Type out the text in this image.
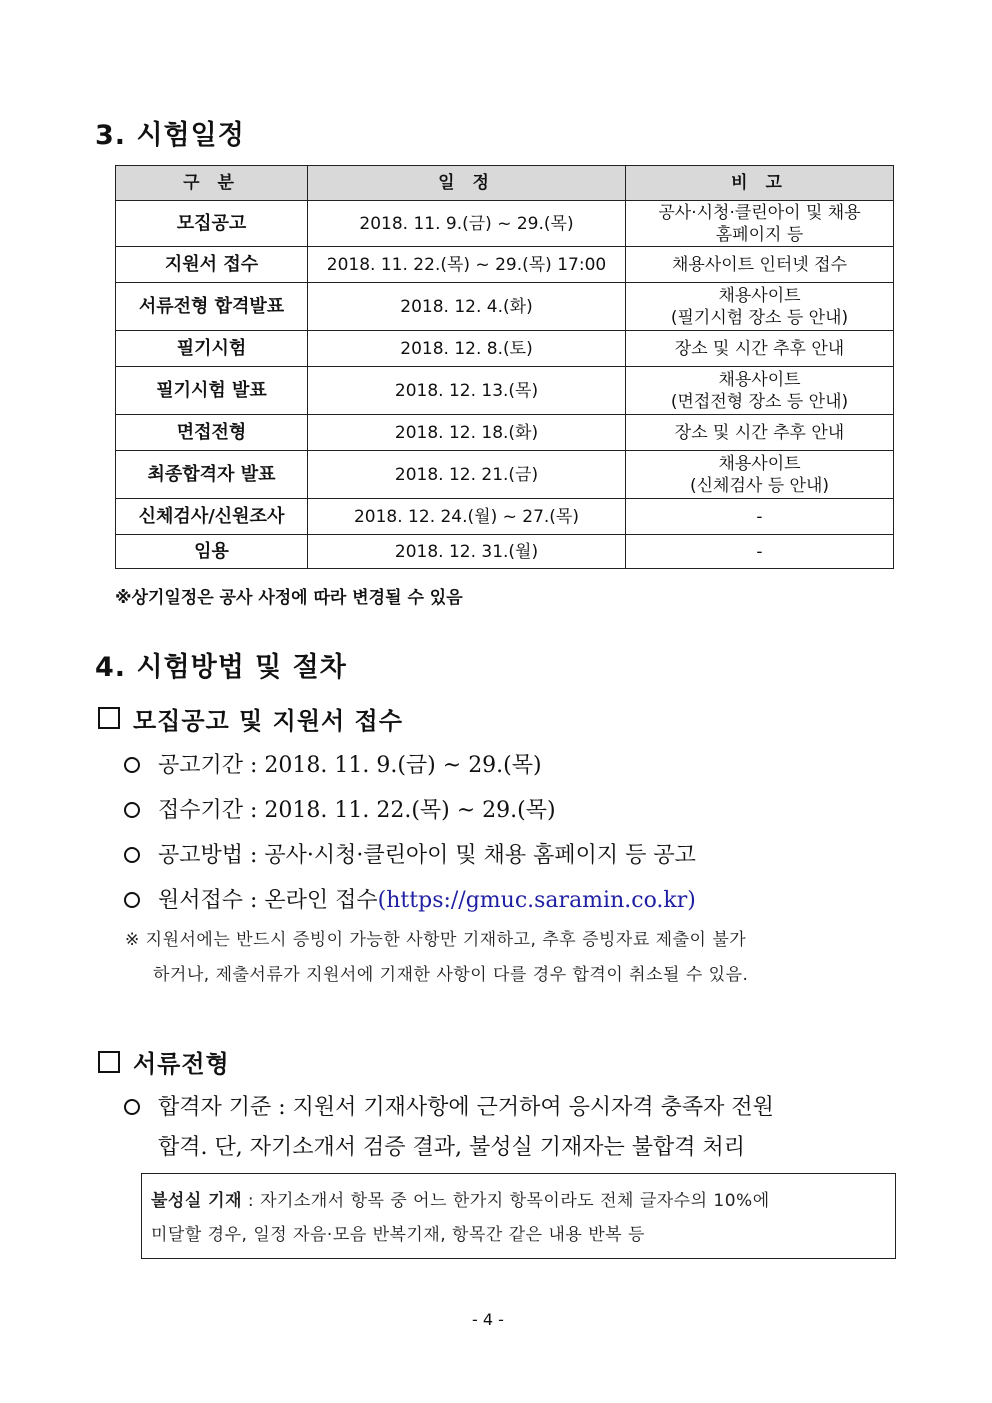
3. 시험일정
구 분	일 정	비 고
모집공고	2018. 11. 9.(금) ~ 29.(목)	공사·시청·클린아이 및 채용
홈페이지 등

지원서 접수	2018. 11. 22.(목) ~ 29.(목) 17:00	채용사이트 인터넷 접수
서류전형 합격발표	2018. 12. 4.(화)	채용사이트
(필기시험 장소 등 안내)

필기시험	2018. 12. 8.(토)	장소 및 시간 추후 안내
필기시험 발표	2018. 12. 13.(목)	채용사이트
(면접전형 장소 등 안내)

면접전형	2018. 12. 18.(화)	장소 및 시간 추후 안내
최종합격자 발표	2018. 12. 21.(금)	채용사이트
(신체검사 등 안내)

신체검사/신원조사	2018. 12. 24.(월) ~ 27.(목)	-
임용	2018. 12. 31.(월)	-
※상기일정은 공사 사정에 따라 변경될 수 있음
4. 시험방법 및 절차
모집공고 및 지원서 접수
공고기간 : 2018. 11. 9.(금) ~ 29.(목)
접수기간 : 2018. 11. 22.(목) ~ 29.(목)
공고방법 : 공사·시청·클린아이 및 채용 홈페이지 등 공고
원서접수 : 온라인 접수(https://gmuc.saramin.co.kr)
※ 지원서에는 반드시 증빙이 가능한 사항만 기재하고, 추후 증빙자료 제출이 불가
하거나, 제출서류가 지원서에 기재한 사항이 다를 경우 합격이 취소될 수 있음.
서류전형
합격자 기준 : 지원서 기재사항에 근거하여 응시자격 충족자 전원
합격. 단, 자기소개서 검증 결과, 불성실 기재자는 불합격 처리
불성실 기재 : 자기소개서 항목 중 어느 한가지 항목이라도 전체 글자수의 10%에
미달할 경우, 일정 자음·모음 반복기재, 항목간 같은 내용 반복 등
- 4 -
